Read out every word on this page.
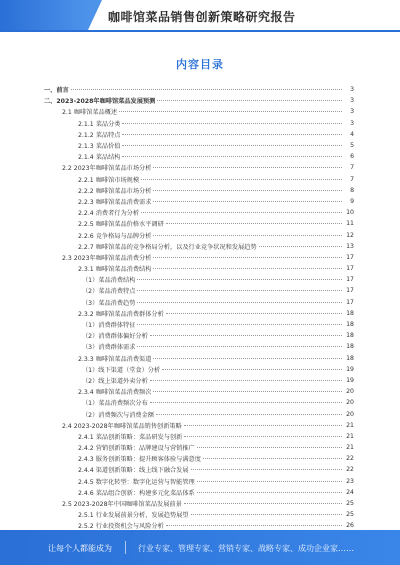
咖啡馆菜品销售创新策略研究报告
内容目录
一、前言	3
二、2023-2028年咖啡馆菜品发展预测	3
2.1 咖啡馆菜品概述	3
2.1.1 菜品分类	3
2.1.2 菜品特点	4
2.1.3 菜品价值	5
2.1.4 菜品结构	6
2.2 2023年咖啡馆菜品市场分析	7
2.2.1 咖啡馆市场规模	7
2.2.2 咖啡馆菜品市场分析	8
2.2.3 咖啡馆菜品消费需求	9
2.2.4 消费者行为分析	10
2.2.5 咖啡馆菜品价格水平调研	11
2.2.6 竞争格局与品牌分析	12
2.2.7 咖啡馆菜品的竞争格局分析，以及行业竞争状况和发展趋势	13
2.3 2023年咖啡馆菜品消费分析	17
2.3.1 咖啡馆菜品消费结构	17
（1）菜品消费结构	17
（2）菜品消费特点	17
（3）菜品消费趋势	17
2.3.2 咖啡馆菜品消费群体分析	18
（1）消费群体特征	18
（2）消费群体偏好分析	18
（3）消费群体需求	18
2.3.3 咖啡馆菜品消费渠道	18
（1）线下渠道（堂食）分析	19
（2）线上渠道外卖分析	19
2.3.4 咖啡馆菜品消费频次	20
（1）菜品消费频次分布	20
（2）消费频次与消费金额	20
2.4 2023-2028年咖啡馆菜品销售创新策略	21
2.4.1 菜品创新策略：菜品研发与创新	21
2.4.2 营销创新策略：品牌建设与营销推广	21
2.4.3 服务创新策略：提升顾客体验与满意度	22
2.4.4 渠道创新策略：线上线下融合发展	22
2.4.5 数字化转型：数字化运营与智能管理	23
2.4.6 菜品组合创新：构建多元化菜品体系	24
2.5 2023-2028年中国咖啡馆菜品发展前景	25
2.5.1 行业发展前景分析，发展趋势展望	25
2.5.2 行业投资机会与风险分析	26
让每个人都能成为	行业专家、管理专家、营销专家、战略专家、成功企业家……
